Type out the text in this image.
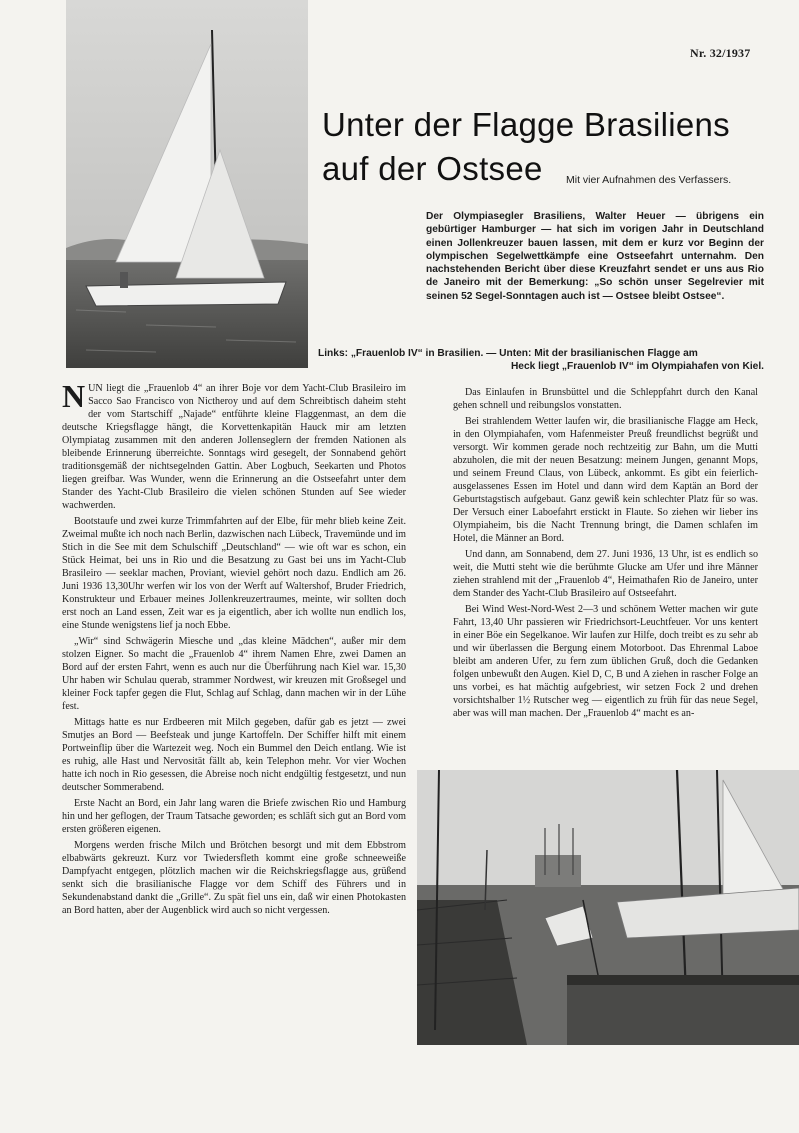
Nr. 32/1937
Unter der Flagge Brasiliens
auf der Ostsee Mit vier Aufnahmen des Verfassers.

Der Olympiasegler Brasiliens, Walter Heuer — übrigens ein gebürtiger Hamburger — hat sich im vorigen Jahr in Deutschland einen Jollenkreuzer bauen lassen, mit dem er kurz vor Beginn der olympischen Segelwettkämpfe eine Ostseefahrt unternahm. Den nachstehenden Bericht über diese Kreuzfahrt sendet er uns aus Rio de Janeiro mit der Bemerkung: „So schön unser Segelrevier mit seinen 52 Segel-Sonntagen auch ist — Ostsee bleibt Ostsee“.

Links: „Frauenlob IV“ in Brasilien. — Unten: Mit der brasilianischen Flagge am
Heck liegt „Frauenlob IV“ im Olympiahafen von Kiel.

NUN liegt die „Frauenlob 4“ an ihrer Boje vor dem Yacht-Club Brasileiro im Sacco Sao Francisco von Nictheroy und auf dem Schreibtisch daheim steht der vom Startschiff „Najade“ entführte kleine Flaggenmast, an dem die deutsche Kriegsflagge hängt, die Korvettenkapitän Hauck mir am letzten Olympiatag zusammen mit den anderen Jollenseglern der fremden Nationen als bleibende Erinnerung überreichte. Sonntags wird gesegelt, der Sonnabend gehört traditionsgemäß der nichtsegelnden Gattin. Aber Logbuch, Seekarten und Photos liegen greifbar. Was Wunder, wenn die Erinnerung an die Ostseefahrt unter dem Stander des Yacht-Club Brasileiro die vielen schönen Stunden auf See wieder wachwerden.

Bootstaufe und zwei kurze Trimmfahrten auf der Elbe, für mehr blieb keine Zeit. Zweimal mußte ich noch nach Berlin, dazwischen nach Lübeck, Travemünde und im Stich in die See mit dem Schulschiff „Deutschland“ — wie oft war es schon, ein Stück Heimat, bei uns in Rio und die Besatzung zu Gast bei uns im Yacht-Club Brasileiro — seeklar machen, Proviant, wieviel gehört noch dazu. Endlich am 26. Juni 1936 13,30Uhr werfen wir los von der Werft auf Waltershof, Bruder Friedrich, Konstrukteur und Erbauer meines Jollenkreuzertraumes, meinte, wir sollten doch erst noch an Land essen, Zeit war es ja eigentlich, aber ich wollte nun endlich los, eine Stunde wenigstens lief ja noch Ebbe.

„Wir“ sind Schwägerin Miesche und „das kleine Mädchen“, außer mir dem stolzen Eigner. So macht die „Frauenlob 4“ ihrem Namen Ehre, zwei Damen an Bord auf der ersten Fahrt, wenn es auch nur die Überführung nach Kiel war. 15,30 Uhr haben wir Schulau querab, strammer Nordwest, wir kreuzen mit Großsegel und kleiner Fock tapfer gegen die Flut, Schlag auf Schlag, dann machen wir in der Lühe fest.

Mittags hatte es nur Erdbeeren mit Milch gegeben, dafür gab es jetzt — zwei Smutjes an Bord — Beefsteak und junge Kartoffeln. Der Schiffer hilft mit einem Portweinflip über die Wartezeit weg. Noch ein Bummel den Deich entlang. Wie ist es ruhig, alle Hast und Nervosität fällt ab, kein Telephon mehr. Vor vier Wochen hatte ich noch in Rio gesessen, die Abreise noch nicht endgültig festgesetzt, und nun deutscher Sommerabend.

Erste Nacht an Bord, ein Jahr lang waren die Briefe zwischen Rio und Hamburg hin und her geflogen, der Traum Tatsache geworden; es schläft sich gut an Bord vom ersten größeren eigenen.

Morgens werden frische Milch und Brötchen besorgt und mit dem Ebbstrom elbabwärts gekreuzt. Kurz vor Twiedersfleth kommt eine große schneeweiße Dampfyacht entgegen, plötzlich machen wir die Reichskriegsflagge aus, grüßend senkt sich die brasilianische Flagge vor dem Schiff des Führers und in Sekundenabstand dankt die „Grille“. Zu spät fiel uns ein, daß wir einen Photokasten an Bord hatten, aber der Augenblick wird auch so nicht vergessen.

Das Einlaufen in Brunsbüttel und die Schleppfahrt durch den Kanal gehen schnell und reibungslos vonstatten.

Bei strahlendem Wetter laufen wir, die brasilianische Flagge am Heck, in den Olympiahafen, vom Hafenmeister Preuß freundlichst begrüßt und versorgt. Wir kommen gerade noch rechtzeitig zur Bahn, um die Mutti abzuholen, die mit der neuen Besatzung: meinem Jungen, genannt Mops, und seinem Freund Claus, von Lübeck, ankommt. Es gibt ein feierlich-ausgelassenes Essen im Hotel und dann wird dem Kaptän an Bord der Geburtstagstisch aufgebaut. Ganz gewiß kein schlechter Platz für so was. Der Versuch einer Laboefahrt erstickt in Flaute. So ziehen wir lieber ins Olympiaheim, bis die Nacht Trennung bringt, die Damen schlafen im Hotel, die Männer an Bord.

Und dann, am Sonnabend, dem 27. Juni 1936, 13 Uhr, ist es endlich so weit, die Mutti steht wie die berühmte Glucke am Ufer und ihre Männer ziehen strahlend mit der „Frauenlob 4“, Heimathafen Rio de Janeiro, unter dem Stander des Yacht-Club Brasileiro auf Ostseefahrt.

Bei Wind West-Nord-West 2—3 und schönem Wetter machen wir gute Fahrt, 13,40 Uhr passieren wir Friedrichsort-Leuchtfeuer. Vor uns kentert in einer Böe ein Segelkanoe. Wir laufen zur Hilfe, doch treibt es zu sehr ab und wir überlassen die Bergung einem Motorboot. Das Ehrenmal Laboe bleibt am anderen Ufer, zu fern zum üblichen Gruß, doch die Gedanken folgen unbewußt den Augen. Kiel D, C, B und A ziehen in rascher Folge an uns vorbei, es hat mächtig aufgebriest, wir setzen Fock 2 und drehen vorsichtshalber 1½ Rutscher weg — eigentlich zu früh für das neue Segel, aber was will man machen. Der „Frauenlob 4“ macht es an-
